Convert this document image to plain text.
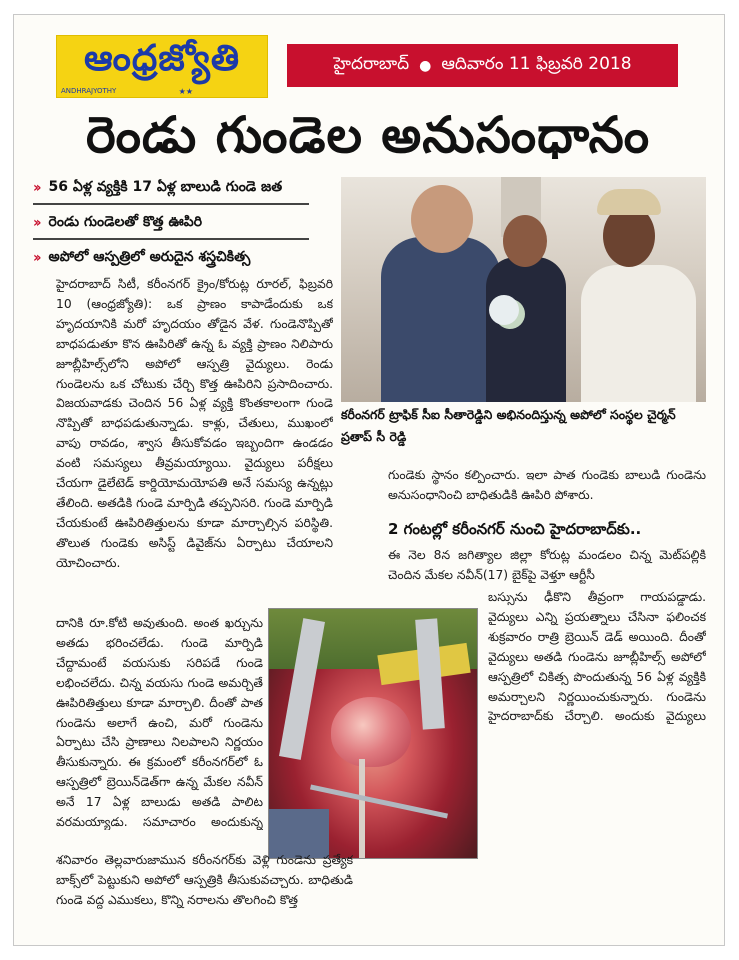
ఆంధ్రజ్యోతి
ANDHRAJYOTHY	★★
హైదరాబాద్ ● ఆదివారం 11 ఫిబ్రవరి 2018
రెండు గుండెల అనుసంధానం
›› 56 ఏళ్ల వ్యక్తికి 17 ఏళ్ల బాలుడి గుండె జత
›› రెండు గుండెలతో కొత్త ఊపిరి
›› అపోలో ఆస్పత్రిలో అరుదైన శస్త్రచికిత్స
హైదరాబాద్ సిటీ, కరీంనగర్ క్రైం/కోరుట్ల రూరల్, ఫిబ్రవరి 10 (ఆంధ్రజ్యోతి): ఒక ప్రాణం కాపాడేందుకు ఒక హృదయానికి మరో హృదయం తోడైన వేళ. గుండెనొప్పితో బాధపడుతూ కొన ఊపిరితో ఉన్న ఓ వ్యక్తి ప్రాణం నిలిపారు జూబ్లీహిల్స్‌లోని అపోలో ఆస్పత్రి వైద్యులు. రెండు గుండెలను ఒక చోటుకు చేర్చి కొత్త ఊపిరిని ప్రసాదించారు. విజయవాడకు చెందిన 56 ఏళ్ల వ్యక్తి కొంతకాలంగా గుండె నొప్పితో బాధపడుతున్నాడు. కాళ్లు, చేతులు, ముఖంలో వాపు రావడం, శ్వాస తీసుకోవడం ఇబ్బందిగా ఉండడం వంటి సమస్యలు తీవ్రమయ్యాయి. వైద్యులు పరీక్షలు చేయగా డైలేటెడ్ కార్డియోమయోపతి అనే సమస్య ఉన్నట్లు తేలింది. అతడికి గుండె మార్పిడి తప్పనిసరి. గుండె మార్పిడి చేయకుంటే ఊపిరితిత్తులను కూడా మార్చాల్సిన పరిస్థితి. తొలుత గుండెకు అసిస్ట్ డివైజ్‌ను ఏర్పాటు చేయాలని యోచించారు.
కరీంనగర్ ట్రాఫిక్ సీఐ సీతారెడ్డిని అభినందిస్తున్న అపోలో సంస్థల చైర్మన్ ప్రతాప్ సీ రెడ్డి
దానికి రూ.కోటి అవుతుంది. అంత ఖర్చును అతడు భరించలేడు. గుండె మార్పిడి చేద్దామంటే వయసుకు సరిపడే గుండె లభించలేదు. చిన్న వయసు గుండె అమర్చితే ఊపిరితిత్తులు కూడా మార్చాలి. దీంతో పాత గుండెను అలాగే ఉంచి, మరో గుండెను ఏర్పాటు చేసి ప్రాణాలు నిలపాలని నిర్ణయం తీసుకున్నారు. ఈ క్రమంలో కరీంనగర్‌లో ఓ ఆస్పత్రిలో బ్రెయిన్‌డెత్‌గా ఉన్న మేకల నవీన్ అనే 17 ఏళ్ల బాలుడు అతడి పాలిట వరమయ్యాడు. సమాచారం అందుకున్న
శనివారం తెల్లవారుజామున కరీంనగర్‌కు వెళ్లి గుండెను ప్రత్యేక బాక్స్‌లో పెట్టుకుని అపోలో ఆస్పత్రికి తీసుకువచ్చారు. బాధితుడి గుండె వద్ద ఎముకలు, కొన్ని నరాలను తొలగించి కొత్త
గుండెకు స్థానం కల్పించారు. ఇలా పాత గుండెకు బాలుడి గుండెను అనుసంధానించి బాధితుడికి ఊపిరి పోశారు.
2 గంటల్లో కరీంనగర్ నుంచి హైదరాబాద్‌కు..
ఈ నెల 8న జగిత్యాల జిల్లా కోరుట్ల మండలం చిన్న మెట్‌పల్లికి చెందిన మేకల నవీన్(17) బైక్‌పై వెళ్తూ ఆర్టీసీ
బస్సును ఢీకొని తీవ్రంగా గాయపడ్డాడు. వైద్యులు ఎన్ని ప్రయత్నాలు చేసినా ఫలించక శుక్రవారం రాత్రి బ్రెయిన్ డెడ్ అయింది. దీంతో వైద్యులు అతడి గుండెను జూబ్లీహిల్స్ అపోలో ఆస్పత్రిలో చికిత్స పొందుతున్న 56 ఏళ్ల వ్యక్తికి అమర్చాలని నిర్ణయించుకున్నారు. గుండెను హైదరాబాద్‌కు చేర్చాలి. అందుకు వైద్యులు
